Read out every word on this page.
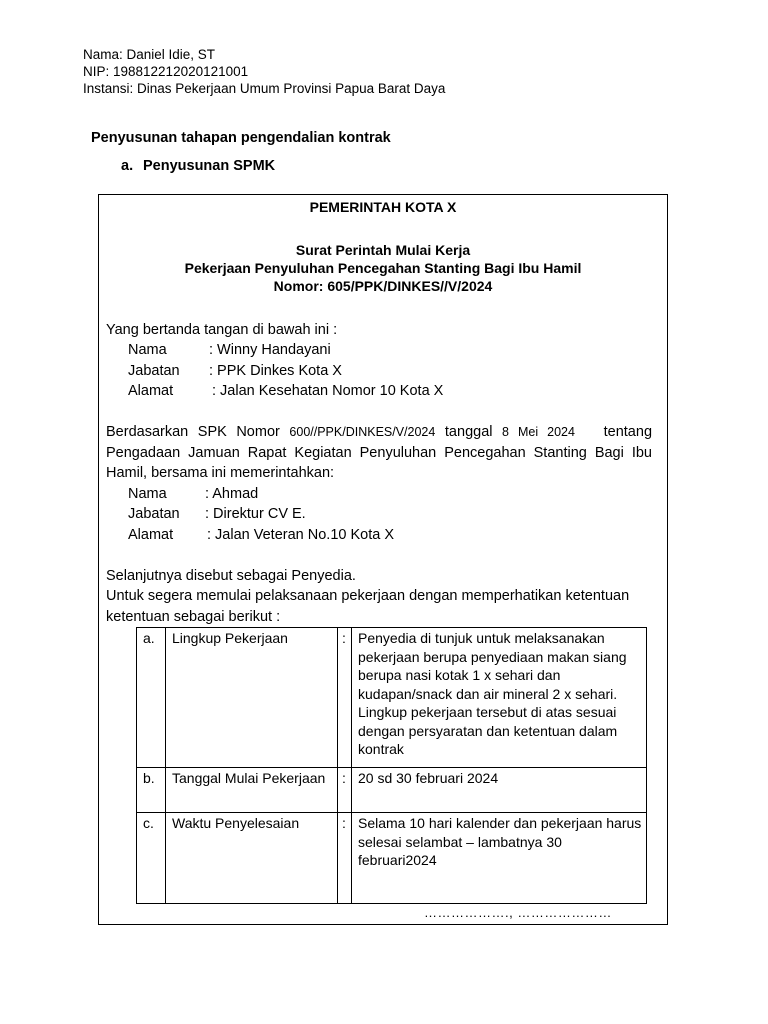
Nama: Daniel Idie, ST
NIP: 198812212020121001
Instansi: Dinas Pekerjaan Umum Provinsi Papua Barat Daya
Penyusunan tahapan pengendalian kontrak
a. Penyusunan SPMK
PEMERINTAH KOTA X
Surat Perintah Mulai Kerja
Pekerjaan Penyuluhan Pencegahan Stanting Bagi Ibu Hamil
Nomor: 605/PPK/DINKES//V/2024
Yang bertanda tangan di bawah ini :
Nama	: Winny Handayani
Jabatan : PPK Dinkes Kota X
Alamat	: Jalan Kesehatan Nomor 10 Kota X
Berdasarkan SPK Nomor 600//PPK/DINKES/V/2024 tanggal 8 Mei 2024 tentang Pengadaan Jamuan Rapat Kegiatan Penyuluhan Pencegahan Stanting Bagi Ibu Hamil, bersama ini memerintahkan:
Nama	: Ahmad
Jabatan : Direktur CV E.
Alamat : Jalan Veteran No.10 Kota X
Selanjutnya disebut sebagai Penyedia.
Untuk segera memulai pelaksanaan pekerjaan dengan memperhatikan ketentuan ketentuan sebagai berikut :
a.	Lingkup Pekerjaan	:	Penyedia di tunjuk untuk melaksanakan pekerjaan berupa penyediaan makan siang berupa nasi kotak 1 x sehari dan kudapan/snack dan air mineral 2 x sehari. Lingkup pekerjaan tersebut di atas sesuai dengan persyaratan dan ketentuan dalam kontrak
b.	Tanggal Mulai Pekerjaan	:	20 sd 30 februari 2024
c.	Waktu Penyelesaian	:	Selama 10 hari kalender dan pekerjaan harus selesai selambat – lambatnya 30 februari2024
………………., …………………
